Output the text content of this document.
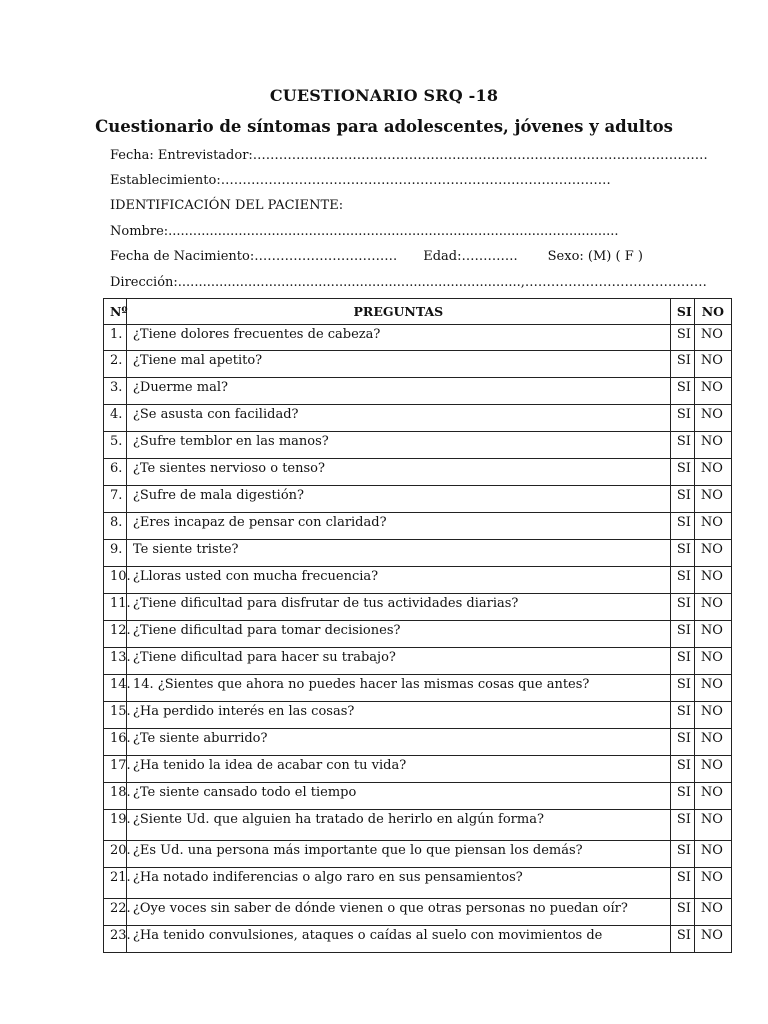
CUESTIONARIO SRQ -18
Cuestionario de síntomas para adolescentes, jóvenes y adultos
Fecha: Entrevistador:……………………………………………………………………………………………
Establecimiento:………………………………………………………………………………
IDENTIFICACIÓN DEL PACIENTE:
Nombre:.............................................................................................................
Fecha de Nacimiento:…………………………… Edad:…………. Sexo: (M) ( F )
Dirección:...................................................................................,……………………………………
Nº	PREGUNTAS	SI	NO
1.	¿Tiene dolores frecuentes de cabeza?	SI	NO
2.	¿Tiene mal apetito?	SI	NO
3.	¿Duerme mal?	SI	NO
4.	¿Se asusta con facilidad?	SI	NO
5.	¿Sufre temblor en las manos?	SI	NO
6.	¿Te sientes nervioso o tenso?	SI	NO
7.	¿Sufre de mala digestión?	SI	NO
8.	¿Eres incapaz de pensar con claridad?	SI	NO
9.	Te siente triste?	SI	NO
10.	¿Lloras usted con mucha frecuencia?	SI	NO
11.	¿Tiene dificultad para disfrutar de tus actividades diarias?	SI	NO
12.	¿Tiene dificultad para tomar decisiones?	SI	NO
13.	¿Tiene dificultad para hacer su trabajo?	SI	NO
14.	14. ¿Sientes que ahora no puedes hacer las mismas cosas que antes?	SI	NO
15.	¿Ha perdido interés en las cosas?	SI	NO
16.	¿Te siente aburrido?	SI	NO
17.	¿Ha tenido la idea de acabar con tu vida?	SI	NO
18.	¿Te siente cansado todo el tiempo	SI	NO
19.	¿Siente Ud. que alguien ha tratado de herirlo en algún forma?	SI	NO
20.	¿Es Ud. una persona más importante que lo que piensan los demás?	SI	NO
21.	¿Ha notado indiferencias o algo raro en sus pensamientos?	SI	NO
22.	¿Oye voces sin saber de dónde vienen o que otras personas no puedan oír?	SI	NO
23.	¿Ha tenido convulsiones, ataques o caídas al suelo con movimientos de	SI	NO
